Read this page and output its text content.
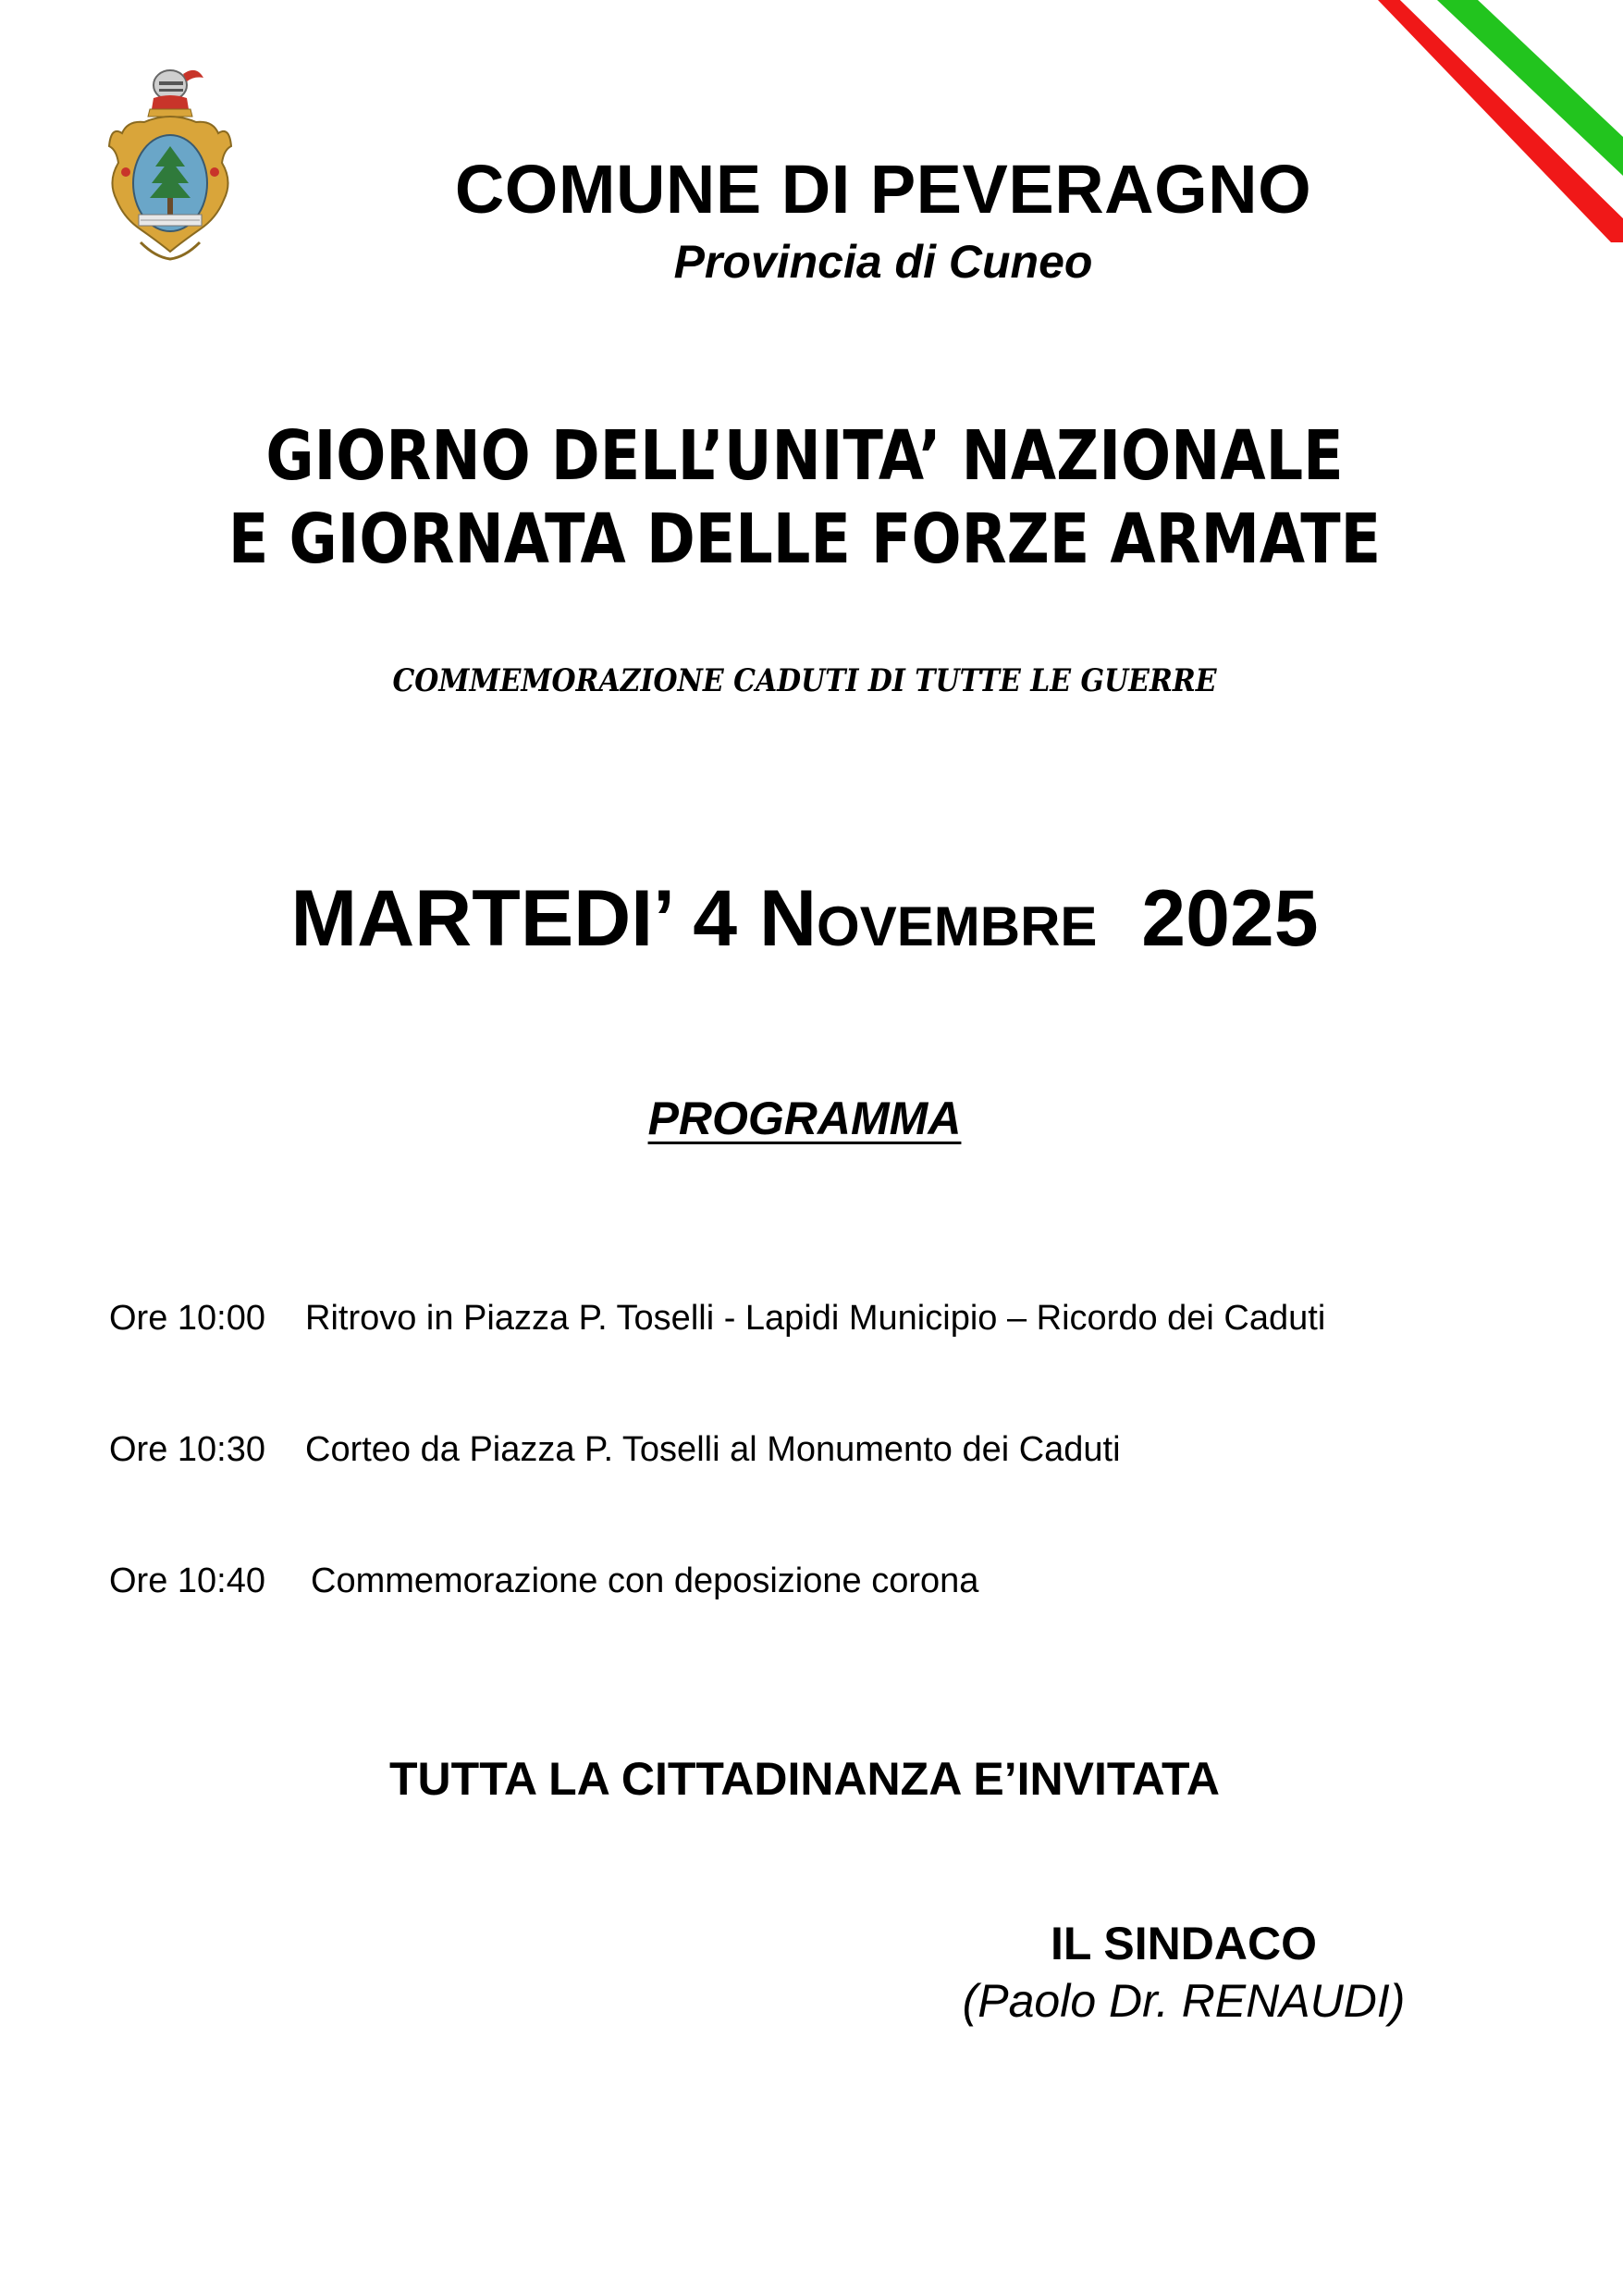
COMUNE DI PEVERAGNO
Provincia di Cuneo
GIORNO DELL’UNITA’ NAZIONALE
E GIORNATA DELLE FORZE ARMATE
COMMEMORAZIONE CADUTI DI TUTTE LE GUERRE
MARTEDI’ 4 Novembre 2025
PROGRAMMA
Ore 10:00 Ritrovo in Piazza P. Toselli - Lapidi Municipio – Ricordo dei Caduti
Ore 10:30 Corteo da Piazza P. Toselli al Monumento dei Caduti
Ore 10:40 Commemorazione con deposizione corona
TUTTA LA CITTADINANZA E’INVITATA
IL SINDACO
(Paolo Dr. RENAUDI)
